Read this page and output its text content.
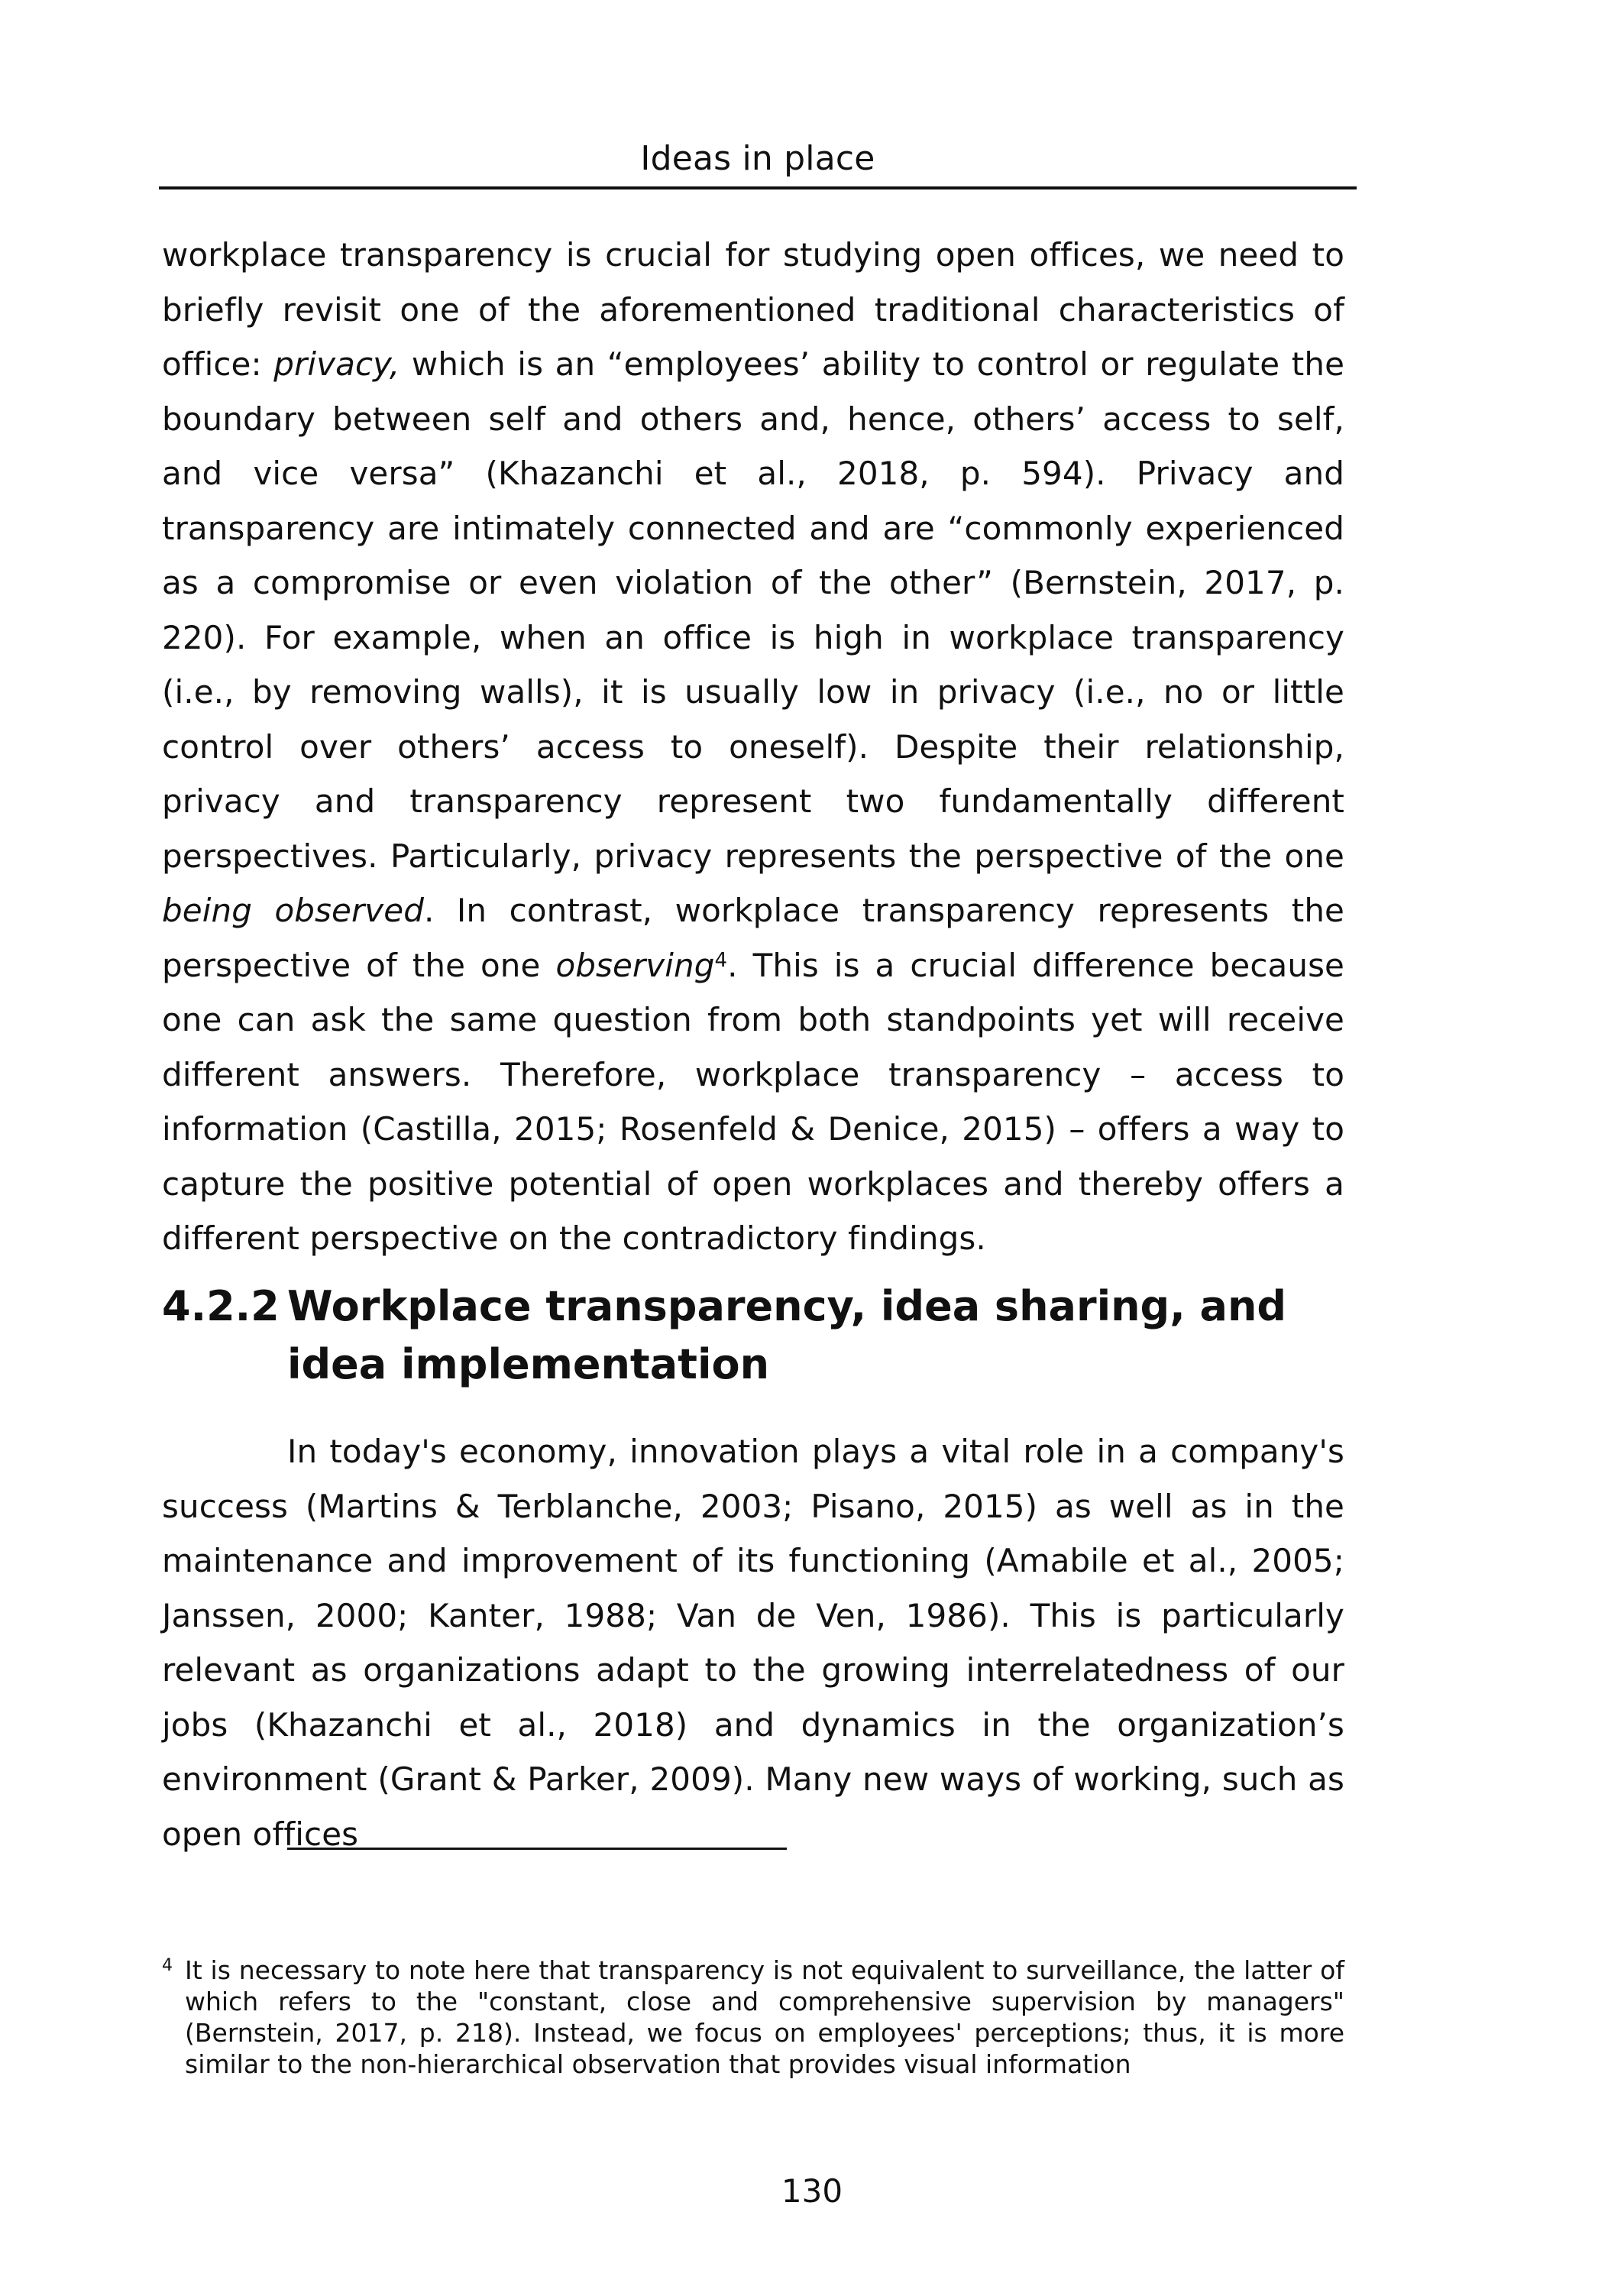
Ideas in place

workplace transparency is crucial for studying open offices, we need to briefly revisit one of the aforementioned traditional characteristics of office: privacy, which is an “employees’ ability to control or regulate the boundary between self and others and, hence, others’ access to self, and vice versa” (Khazanchi et al., 2018, p. 594). Privacy and transparency are intimately connected and are “commonly experienced as a compromise or even violation of the other” (Bernstein, 2017, p. 220). For example, when an office is high in workplace transparency (i.e., by removing walls), it is usually low in privacy (i.e., no or little control over others’ access to oneself). Despite their relationship, privacy and transparency represent two fundamentally different perspectives. Particularly, privacy represents the perspective of the one being observed. In contrast, workplace transparency represents the perspective of the one observing$^4$. This is a crucial difference because one can ask the same question from both standpoints yet will receive different answers. Therefore, workplace transparency – access to information (Castilla, 2015; Rosenfeld & Denice, 2015) – offers a way to capture the positive potential of open workplaces and thereby offers a different perspective on the contradictory findings.

4.2.2 Workplace transparency, idea sharing, and idea implementation

In today's economy, innovation plays a vital role in a company's success (Martins & Terblanche, 2003; Pisano, 2015) as well as in the maintenance and improvement of its functioning (Amabile et al., 2005; Janssen, 2000; Kanter, 1988; Van de Ven, 1986). This is particularly relevant as organizations adapt to the growing interrelatedness of our jobs (Khazanchi et al., 2018) and dynamics in the organization’s environment (Grant & Parker, 2009). Many new ways of working, such as open offices

4 It is necessary to note here that transparency is not equivalent to surveillance, the latter of which refers to the "constant, close and comprehensive supervision by managers" (Bernstein, 2017, p. 218). Instead, we focus on employees' perceptions; thus, it is more similar to the non-hierarchical observation that provides visual information

130
